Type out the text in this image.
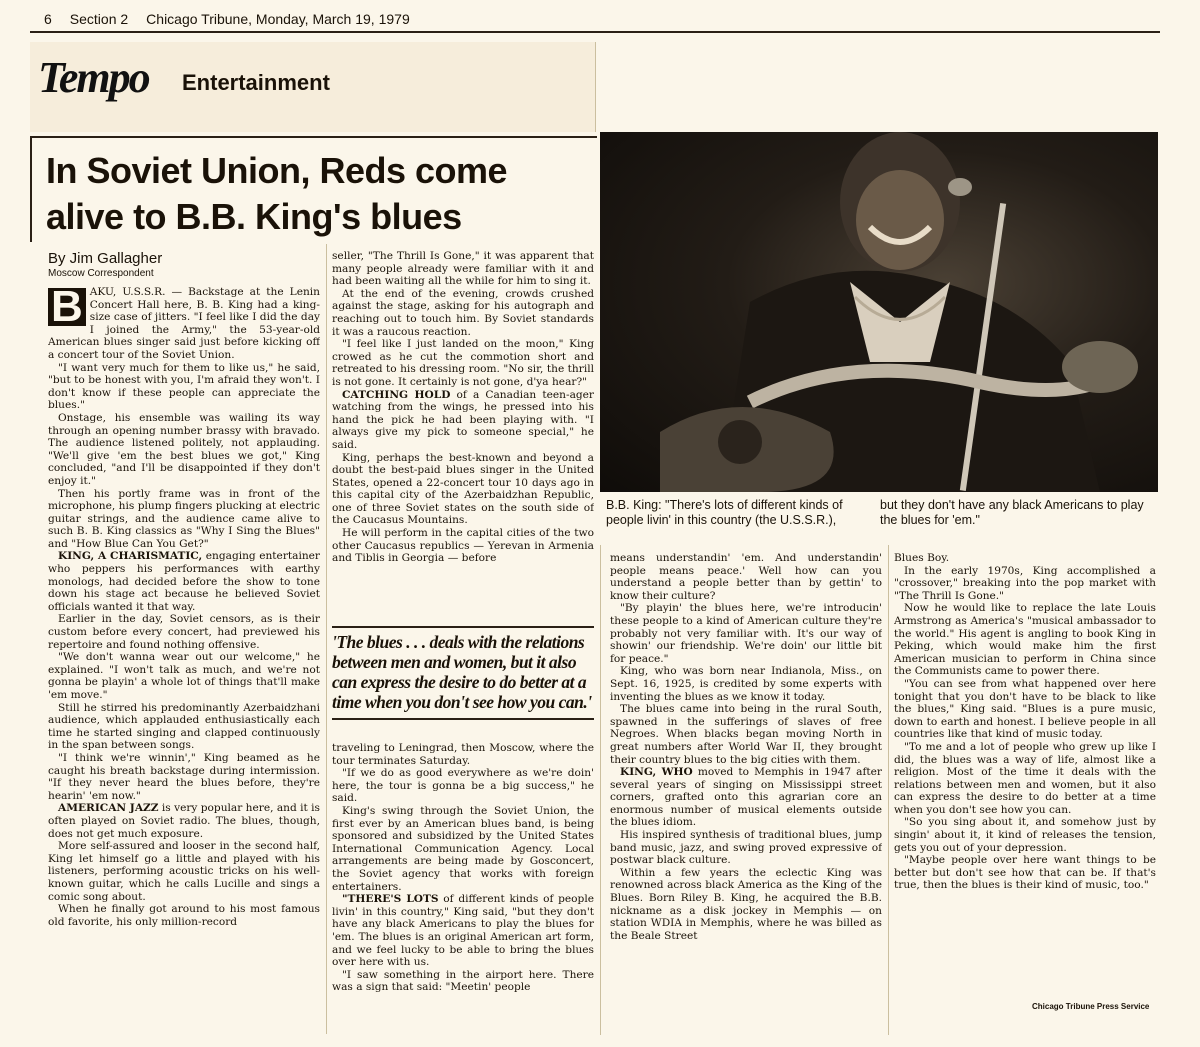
6 Section 2 Chicago Tribune, Monday, March 19, 1979
Tempo Entertainment
B.B. King: "There's lots of different kinds of people livin' in this country (the U.S.S.R.),
but they don't have any black Americans to play the blues for 'em."
In Soviet Union, Reds come
alive to B.B. King's blues
By Jim Gallagher
Moscow Correspondent

B AKU, U.S.S.R. — Backstage at the Lenin Concert Hall here, B. B. King had a king-size case of jitters. "I feel like I did the day I joined the Army," the 53-year-old American blues singer said just before kicking off a concert tour of the Soviet Union.

"I want very much for them to like us," he said, "but to be honest with you, I'm afraid they won't. I don't know if these people can appreciate the blues."

Onstage, his ensemble was wailing its way through an opening number brassy with bravado. The audience listened politely, not applauding. "We'll give 'em the best blues we got," King concluded, "and I'll be disappointed if they don't enjoy it."

Then his portly frame was in front of the microphone, his plump fingers plucking at electric guitar strings, and the audience came alive to such B. B. King classics as "Why I Sing the Blues" and "How Blue Can You Get?"

KING, A CHARISMATIC, engaging entertainer who peppers his performances with earthy monologs, had decided before the show to tone down his stage act because he believed Soviet officials wanted it that way.

Earlier in the day, Soviet censors, as is their custom before every concert, had previewed his repertoire and found nothing offensive.

"We don't wanna wear out our welcome," he explained. "I won't talk as much, and we're not gonna be playin' a whole lot of things that'll make 'em move."

Still he stirred his predominantly Azerbaidzhani audience, which applauded enthusiastically each time he started singing and clapped continuously in the span between songs.

"I think we're winnin'," King beamed as he caught his breath backstage during intermission. "If they never heard the blues before, they're hearin' 'em now."

AMERICAN JAZZ is very popular here, and it is often played on Soviet radio. The blues, though, does not get much exposure.

More self-assured and looser in the second half, King let himself go a little and played with his listeners, performing acoustic tricks on his well-known guitar, which he calls Lucille and sings a comic song about.

When he finally got around to his most famous old favorite, his only million-record

seller, "The Thrill Is Gone," it was apparent that many people already were familiar with it and had been waiting all the while for him to sing it.

At the end of the evening, crowds crushed against the stage, asking for his autograph and reaching out to touch him. By Soviet standards it was a raucous reaction.

"I feel like I just landed on the moon," King crowed as he cut the commotion short and retreated to his dressing room. "No sir, the thrill is not gone. It certainly is not gone, d'ya hear?"

CATCHING HOLD of a Canadian teen-ager watching from the wings, he pressed into his hand the pick he had been playing with. "I always give my pick to someone special," he said.

King, perhaps the best-known and beyond a doubt the best-paid blues singer in the United States, opened a 22-concert tour 10 days ago in this capital city of the Azerbaidzhan Republic, one of three Soviet states on the south side of the Caucasus Mountains.

He will perform in the capital cities of the two other Caucasus republics — Yerevan in Armenia and Tiblis in Georgia — before

'The blues . . . deals with the relations between men and women, but it also can express the desire to do better at a time when you don't see how you can.'

traveling to Leningrad, then Moscow, where the tour terminates Saturday.

"If we do as good everywhere as we're doin' here, the tour is gonna be a big success," he said.

King's swing through the Soviet Union, the first ever by an American blues band, is being sponsored and subsidized by the United States International Communication Agency. Local arrangements are being made by Gosconcert, the Soviet agency that works with foreign entertainers.

"THERE'S LOTS of different kinds of people livin' in this country," King said, "but they don't have any black Americans to play the blues for 'em. The blues is an original American art form, and we feel lucky to be able to bring the blues over here with us.

"I saw something in the airport here. There was a sign that said: "Meetin' people

means understandin' 'em. And understandin' people means peace.' Well how can you understand a people better than by gettin' to know their culture?

"By playin' the blues here, we're introducin' these people to a kind of American culture they're probably not very familiar with. It's our way of showin' our friendship. We're doin' our little bit for peace."

King, who was born near Indianola, Miss., on Sept. 16, 1925, is credited by some experts with inventing the blues as we know it today.

The blues came into being in the rural South, spawned in the sufferings of slaves of free Negroes. When blacks began moving North in great numbers after World War II, they brought their country blues to the big cities with them.

KING, WHO moved to Memphis in 1947 after several years of singing on Mississippi street corners, grafted onto this agrarian core an enormous number of musical elements outside the blues idiom.

His inspired synthesis of traditional blues, jump band music, jazz, and swing proved expressive of postwar black culture.

Within a few years the eclectic King was renowned across black America as the King of the Blues. Born Riley B. King, he acquired the B.B. nickname as a disk jockey in Memphis — on station WDIA in Memphis, where he was billed as the Beale Street

Blues Boy.

In the early 1970s, King accomplished a "crossover," breaking into the pop market with "The Thrill Is Gone."

Now he would like to replace the late Louis Armstrong as America's "musical ambassador to the world." His agent is angling to book King in Peking, which would make him the first American musician to perform in China since the Communists came to power there.

"You can see from what happened over here tonight that you don't have to be black to like the blues," King said. "Blues is a pure music, down to earth and honest. I believe people in all countries like that kind of music today.

"To me and a lot of people who grew up like I did, the blues was a way of life, almost like a religion. Most of the time it deals with the relations between men and women, but it also can express the desire to do better at a time when you don't see how you can.

"So you sing about it, and somehow just by singin' about it, it kind of releases the tension, gets you out of your depression.

"Maybe people over here want things to be better but don't see how that can be. If that's true, then the blues is their kind of music, too."

Chicago Tribune Press Service
